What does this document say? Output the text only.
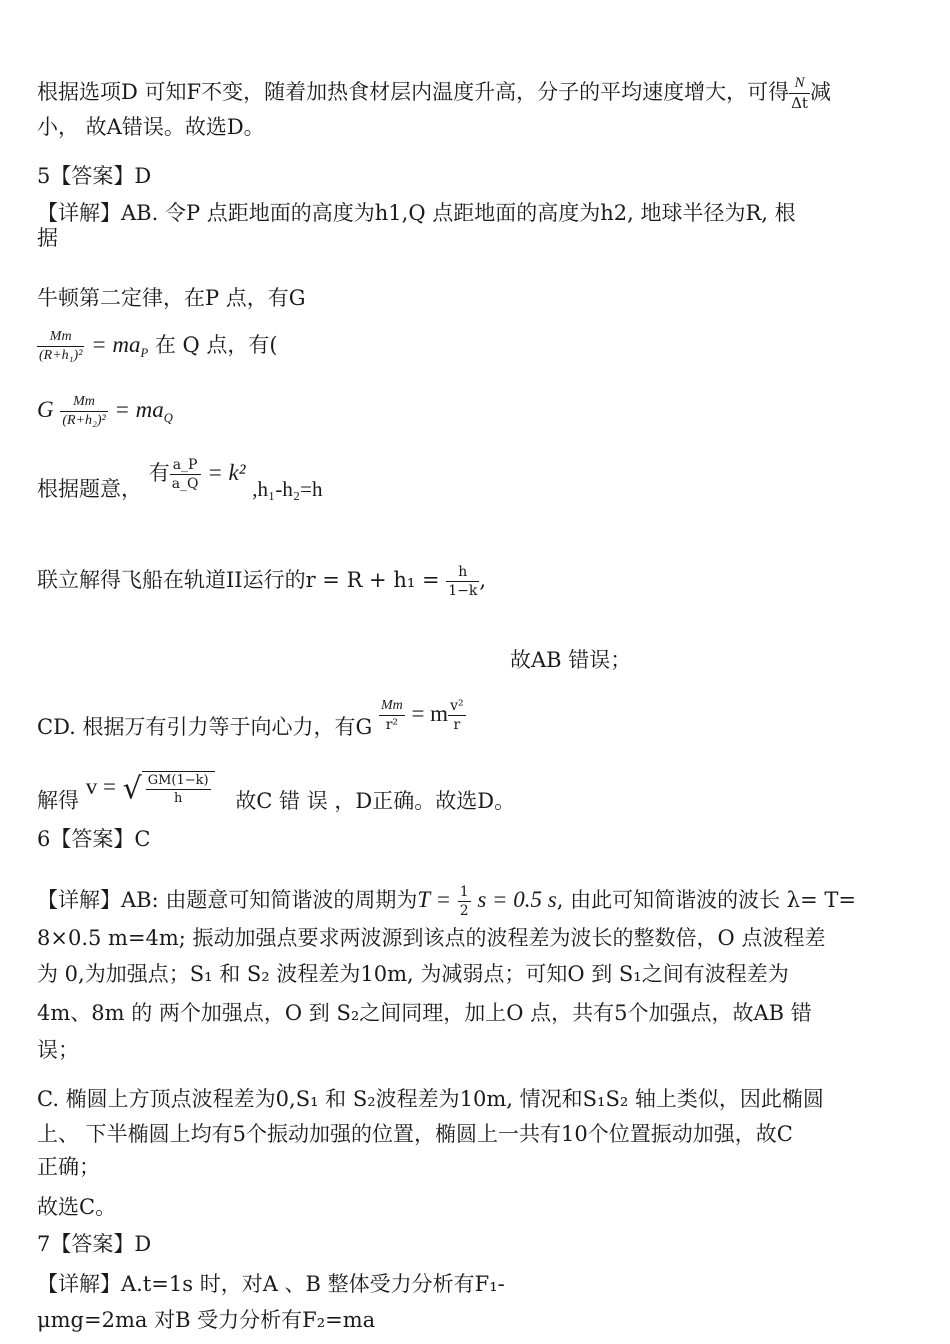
根据选项D 可知F不变，随着加热食材层内温度升高，分子的平均速度增大，可得 $\frac{N}{\Delta t}$ 减
小， 故A错误。故选D。
5【答案】D
【详解】AB. 令P 点距地面的高度为h1,Q 点距地面的高度为h2, 地球半径为R, 根
据
牛顿第二定律，在P 点，有G
$\frac{Mm}{\text{(R+h₁)²}} = ma_P$ 在 Q 点，有(
G $\frac{Mm}{\text{(R+h₂)²}} = ma_Q$
根据题意， 有 $\frac{a\_P}{a\_Q} = k^2$ ,h₁-h₂=h
联立解得飞船在轨道II运行的$r = R + h_1 = \frac{h}{1-k}$ ,
故AB 错误；
CD. 根据万有引力等于向心力，有G $\frac{Mm}{\text{r²}} = m \frac{\text{v²}}{r}$
解得 v = √ $\frac{GM(1-k)}{h}$ 故C 错 误 ，D正确。故选D。
6【答案】C
【详解】AB: 由题意可知简谐波的周期为$T = \frac{1}{2}$ s = 0.5 s, 由此可知简谐波的波长 λ= T=
8×0.5 m=4m; 振动加强点要求两波源到该点的波程差为波长的整数倍，O 点波程差
为 0,为加强点；S₁ 和 S₂ 波程差为10m, 为减弱点；可知O 到 S₁之间有波程差为
4m、8m 的 两个加强点，O 到 S₂之间同理，加上O 点，共有5个加强点，故AB 错
误；
C. 椭圆上方顶点波程差为0,S₁ 和 S₂波程差为10m, 情况和S₁S₂ 轴上类似，因此椭圆
上、 下半椭圆上均有5个振动加强的位置，椭圆上一共有10个位置振动加强，故C
正确；
故选C。
7【答案】D
【详解】A.t=1s 时，对A 、B 整体受力分析有F₁-
μmg=2ma 对B 受力分析有F₂=ma
